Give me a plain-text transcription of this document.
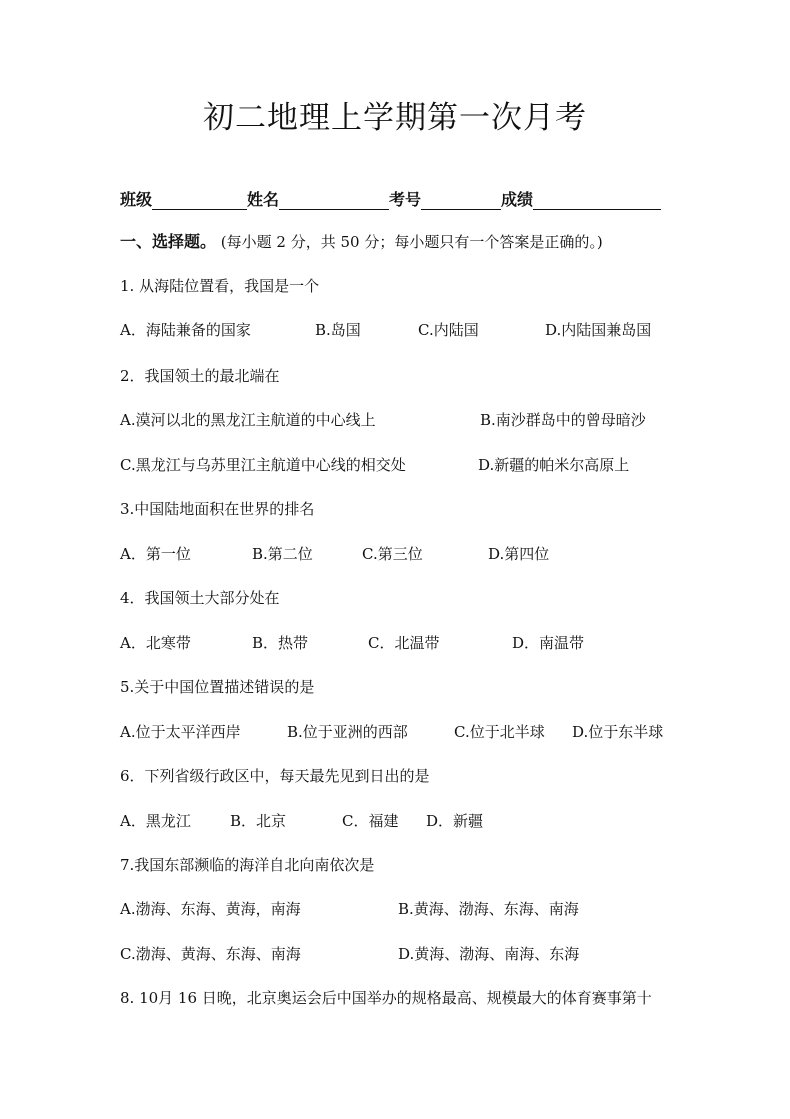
初二地理上学期第一次月考
班级	姓名	考号	成绩
一、选择题。 (每小题 2 分，共 50 分；每小题只有一个答案是正确的。)
1. 从海陆位置看，我国是一个
A．海陆兼备的国家	B.岛国	C.内陆国	D.内陆国兼岛国
2．我国领土的最北端在
A.漠河以北的黑龙江主航道的中心线上	B.南沙群岛中的曾母暗沙
C.黑龙江与乌苏里江主航道中心线的相交处	D.新疆的帕米尔高原上
3.中国陆地面积在世界的排名
A．第一位	B.第二位	C.第三位	D.第四位
4．我国领土大部分处在
A．北寒带	B．热带	C．北温带	D．南温带
5.关于中国位置描述错误的是
A.位于太平洋西岸	B.位于亚洲的西部	C.位于北半球 D.位于东半球
6．下列省级行政区中，每天最先见到日出的是
A．黑龙江	B．北京	C．福建 D．新疆
7.我国东部濒临的海洋自北向南依次是
A.渤海、东海、黄海，南海	B.黄海、渤海、东海、南海
C.渤海、黄海、东海、南海	D.黄海、渤海、南海、东海
8. 10月 16 日晚，北京奥运会后中国举办的规格最高、规模最大的体育赛事第十
